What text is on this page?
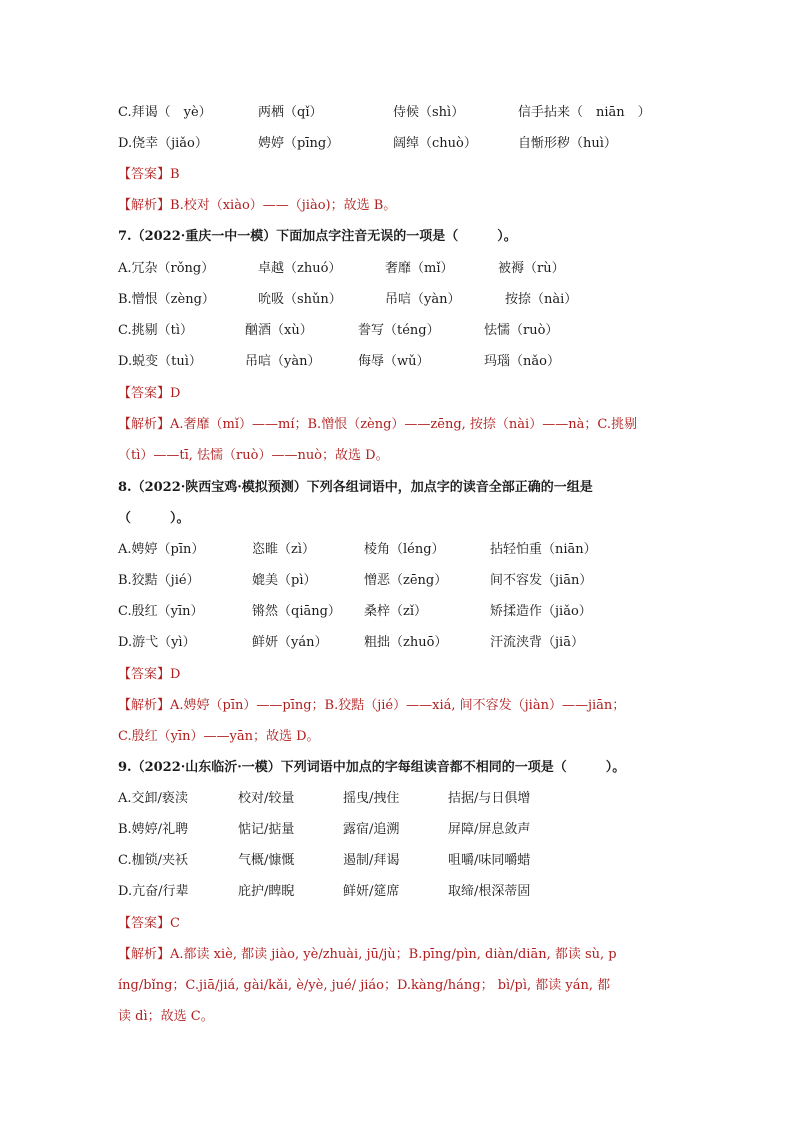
C.拜谒（　yè）	两栖（qǐ）	侍候（shì）	信手拈来（　niān　）
D.侥幸（jiǎo）	娉婷（pīng）	阔绰（chuò）	自惭形秽（huì）
【答案】B
【解析】B.校对（xiào）——（jiào)；故选 B。
7.（2022·重庆一中一模）下面加点字注音无误的一项是（　　　）。
A.冗杂（rǒng）	卓越（zhuó）	奢靡（mǐ）	被褥（rù）
B.憎恨（zèng）	吮吸（shǔn）	吊唁（yàn）	按捺（nài）
C.挑剔（tì）	酗酒（xù）	誊写（téng）	怯懦（ruò）
D.蜕变（tuì）	吊唁（yàn）	侮辱（wǔ）	玛瑙（nǎo）
【答案】D
【解析】A.奢靡（mǐ）——mí；B.憎恨（zèng）——zēng, 按捺（nài）——nà；C.挑剔
（tì）——tī, 怯懦（ruò）——nuò；故选 D。
8.（2022·陕西宝鸡·模拟预测）下列各组词语中，加点字的读音全部正确的一组是
（　　　）。
A.娉婷（pīn）	恣睢（zì）	棱角（léng）	拈轻怕重（niān）
B.狡黠（jié）	媲美（pì）	憎恶（zēng）	间不容发（jiān）
C.殷红（yīn）	锵然（qiāng） 桑梓（zǐ）	矫揉造作（jiǎo）
D.游弋（yì）	鲜妍（yán）	粗拙（zhuō）	汗流浃背（jiā）
【答案】D
【解析】A.娉婷（pīn）——pīng；B.狡黠（jié）——xiá, 间不容发（jiàn）——jiān；
C.殷红（yīn）——yān；故选 D。
9.（2022·山东临沂·一模）下列词语中加点的字每组读音都不相同的一项是（　　　）。
A.交卸/亵渎	校对/较量	摇曳/拽住	拮据/与日俱增
B.娉婷/礼聘	惦记/掂量	露宿/追溯	屏障/屏息敛声
C.枷锁/夹袄	气概/慷慨	遏制/拜谒	咀嚼/味同嚼蜡
D.亢奋/行辈	庇护/睥睨	鲜妍/筵席	取缔/根深蒂固
【答案】C
【解析】A.都读 xiè, 都读 jiào, yè/zhuài, jū/jù；B.pīng/pìn, diàn/diān, 都读 sù, p
íng/bǐng；C.jiā/jiá, gài/kǎi, è/yè, jué/ jiáo；D.kàng/háng； bì/pì, 都读 yán, 都
读 dì；故选 C。
